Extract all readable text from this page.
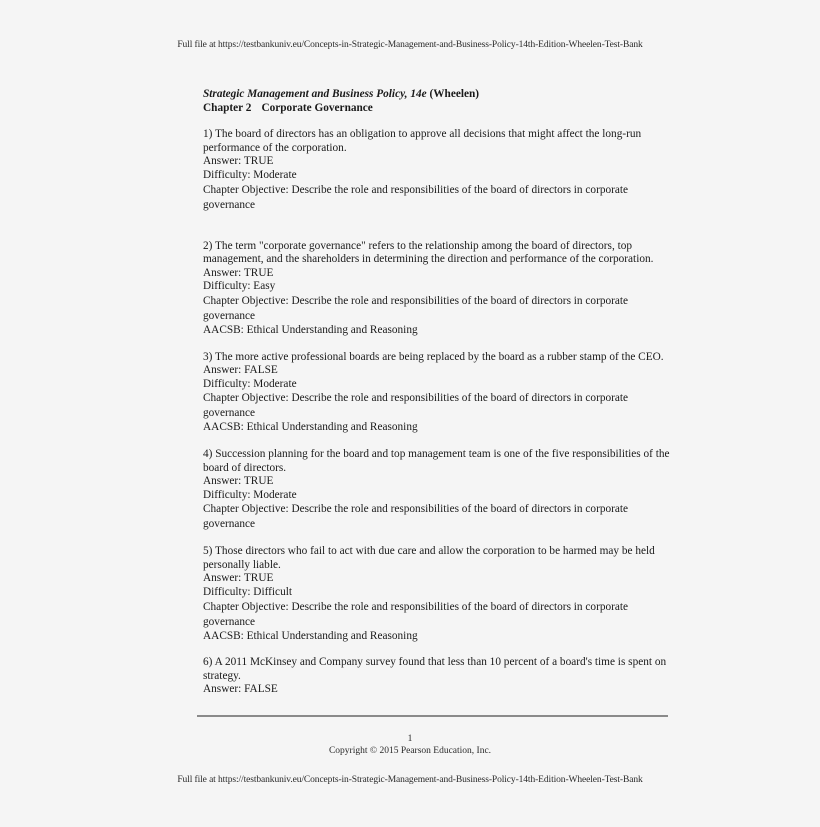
Full file at https://testbankuniv.eu/Concepts-in-Strategic-Management-and-Business-Policy-14th-Edition-Wheelen-Test-Bank
Strategic Management and Business Policy, 14e (Wheelen)
Chapter 2 Corporate Governance
1) The board of directors has an obligation to approve all decisions that might affect the long-run performance of the corporation.
Answer: TRUE
Difficulty: Moderate
Chapter Objective: Describe the role and responsibilities of the board of directors in corporate governance
2) The term "corporate governance" refers to the relationship among the board of directors, top management, and the shareholders in determining the direction and performance of the corporation.
Answer: TRUE
Difficulty: Easy
Chapter Objective: Describe the role and responsibilities of the board of directors in corporate governance
AACSB: Ethical Understanding and Reasoning
3) The more active professional boards are being replaced by the board as a rubber stamp of the CEO.
Answer: FALSE
Difficulty: Moderate
Chapter Objective: Describe the role and responsibilities of the board of directors in corporate governance
AACSB: Ethical Understanding and Reasoning
4) Succession planning for the board and top management team is one of the five responsibilities of the board of directors.
Answer: TRUE
Difficulty: Moderate
Chapter Objective: Describe the role and responsibilities of the board of directors in corporate governance
5) Those directors who fail to act with due care and allow the corporation to be harmed may be held personally liable.
Answer: TRUE
Difficulty: Difficult
Chapter Objective: Describe the role and responsibilities of the board of directors in corporate governance
AACSB: Ethical Understanding and Reasoning
6) A 2011 McKinsey and Company survey found that less than 10 percent of a board's time is spent on strategy.
Answer: FALSE
1
Copyright © 2015 Pearson Education, Inc.
Full file at https://testbankuniv.eu/Concepts-in-Strategic-Management-and-Business-Policy-14th-Edition-Wheelen-Test-Bank
